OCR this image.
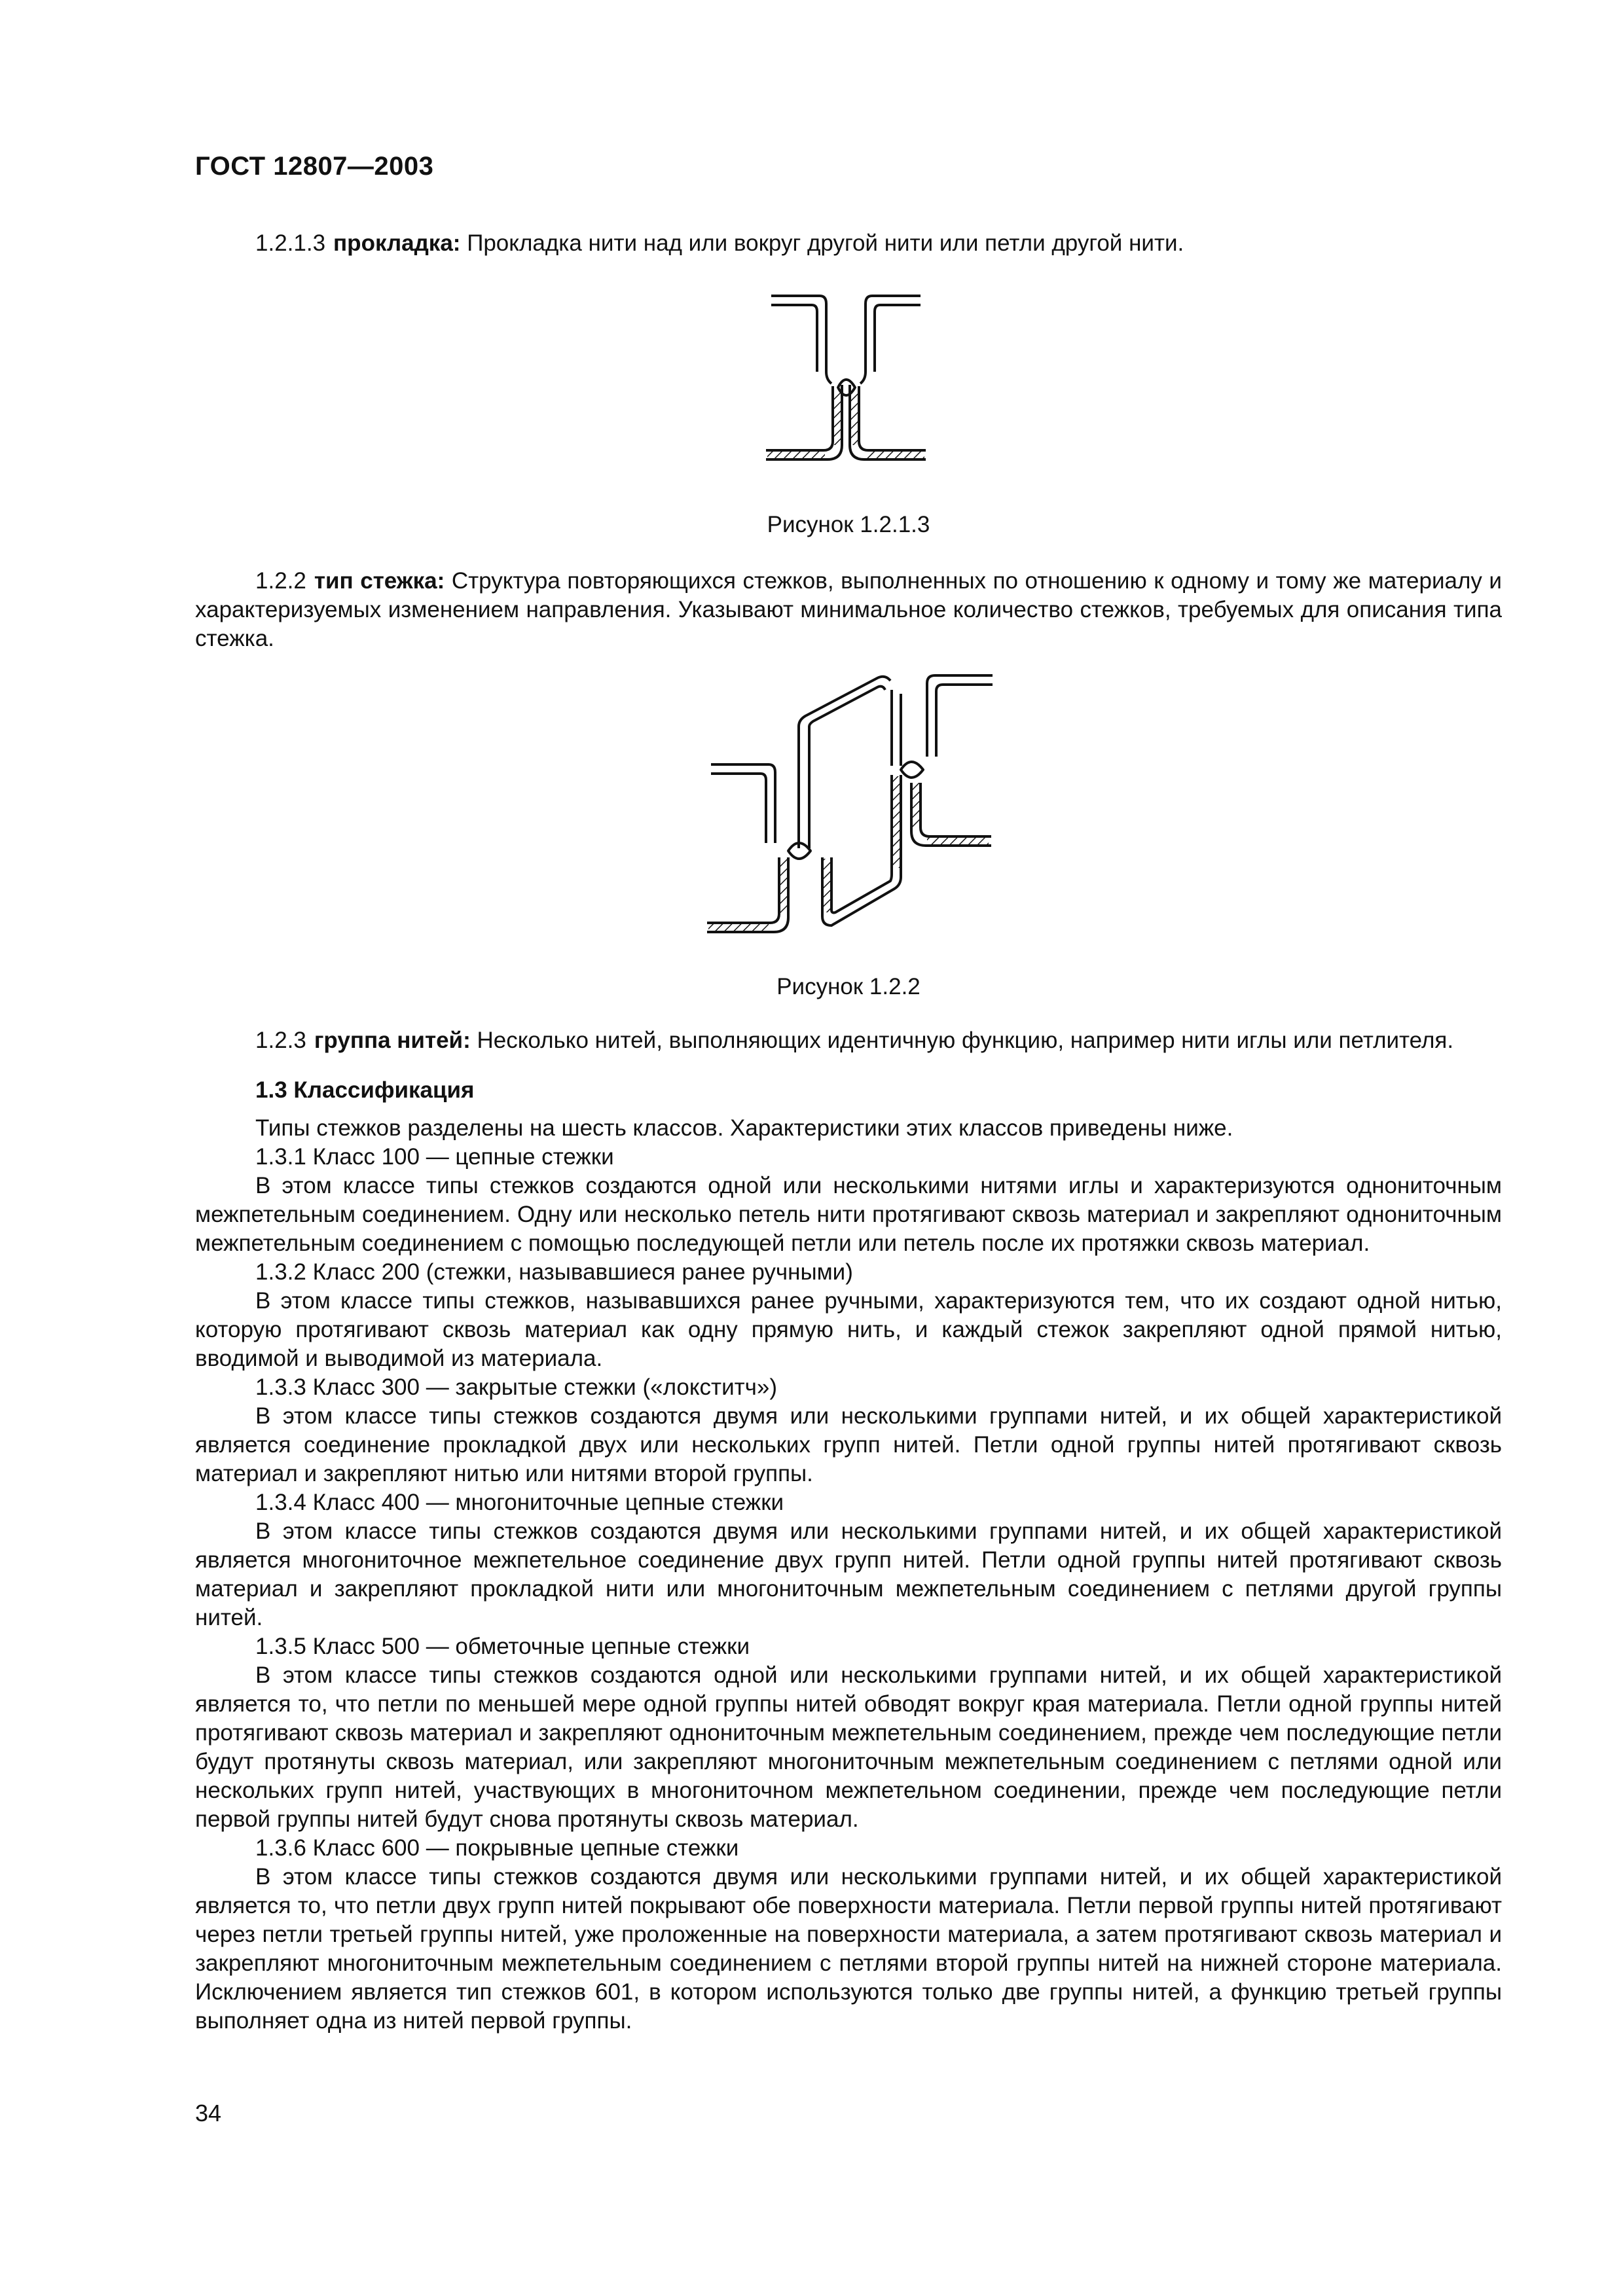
ГОСТ 12807—2003

1.2.1.3 прокладка: Прокладка нити над или вокруг другой нити или петли другой нити.

Рисунок 1.2.1.3

1.2.2 тип стежка: Структура повторяющихся стежков, выполненных по отношению к одному и тому же материалу и характеризуемых изменением направления. Указывают минимальное количество стежков, требуемых для описания типа стежка.

Рисунок 1.2.2

1.2.3 группа нитей: Несколько нитей, выполняющих идентичную функцию, например нити иглы или петлителя.

1.3 Классификация

Типы стежков разделены на шесть классов. Характеристики этих классов приведены ниже.

1.3.1 Класс 100 — цепные стежки

В этом классе типы стежков создаются одной или несколькими нитями иглы и характеризуются однониточным межпетельным соединением. Одну или несколько петель нити протягивают сквозь материал и закрепляют однониточным межпетельным соединением с помощью последующей петли или петель после их протяжки сквозь материал.

1.3.2 Класс 200 (стежки, называвшиеся ранее ручными)

В этом классе типы стежков, называвшихся ранее ручными, характеризуются тем, что их создают одной нитью, которую протягивают сквозь материал как одну прямую нить, и каждый стежок закрепляют одной прямой нитью, вводимой и выводимой из материала.

1.3.3 Класс 300 — закрытые стежки («локститч»)

В этом классе типы стежков создаются двумя или несколькими группами нитей, и их общей характеристикой является соединение прокладкой двух или нескольких групп нитей. Петли одной группы нитей протягивают сквозь материал и закрепляют нитью или нитями второй группы.

1.3.4 Класс 400 — многониточные цепные стежки

В этом классе типы стежков создаются двумя или несколькими группами нитей, и их общей характеристикой является многониточное межпетельное соединение двух групп нитей. Петли одной группы нитей протягивают сквозь материал и закрепляют прокладкой нити или многониточным межпетельным соединением с петлями другой группы нитей.

1.3.5 Класс 500 — обметочные цепные стежки

В этом классе типы стежков создаются одной или несколькими группами нитей, и их общей характеристикой является то, что петли по меньшей мере одной группы нитей обводят вокруг края материала. Петли одной группы нитей протягивают сквозь материал и закрепляют однониточным межпетельным соединением, прежде чем последующие петли будут протянуты сквозь материал, или закрепляют многониточным межпетельным соединением с петлями одной или нескольких групп нитей, участвующих в многониточном межпетельном соединении, прежде чем последующие петли первой группы нитей будут снова протянуты сквозь материал.

1.3.6 Класс 600 — покрывные цепные стежки

В этом классе типы стежков создаются двумя или несколькими группами нитей, и их общей характеристикой является то, что петли двух групп нитей покрывают обе поверхности материала. Петли первой группы нитей протягивают через петли третьей группы нитей, уже проложенные на поверхности материала, а затем протягивают сквозь материал и закрепляют многониточным межпетельным соединением с петлями второй группы нитей на нижней стороне материала. Исключением является тип стежков 601, в котором используются только две группы нитей, а функцию третьей группы выполняет одна из нитей первой группы.

34
